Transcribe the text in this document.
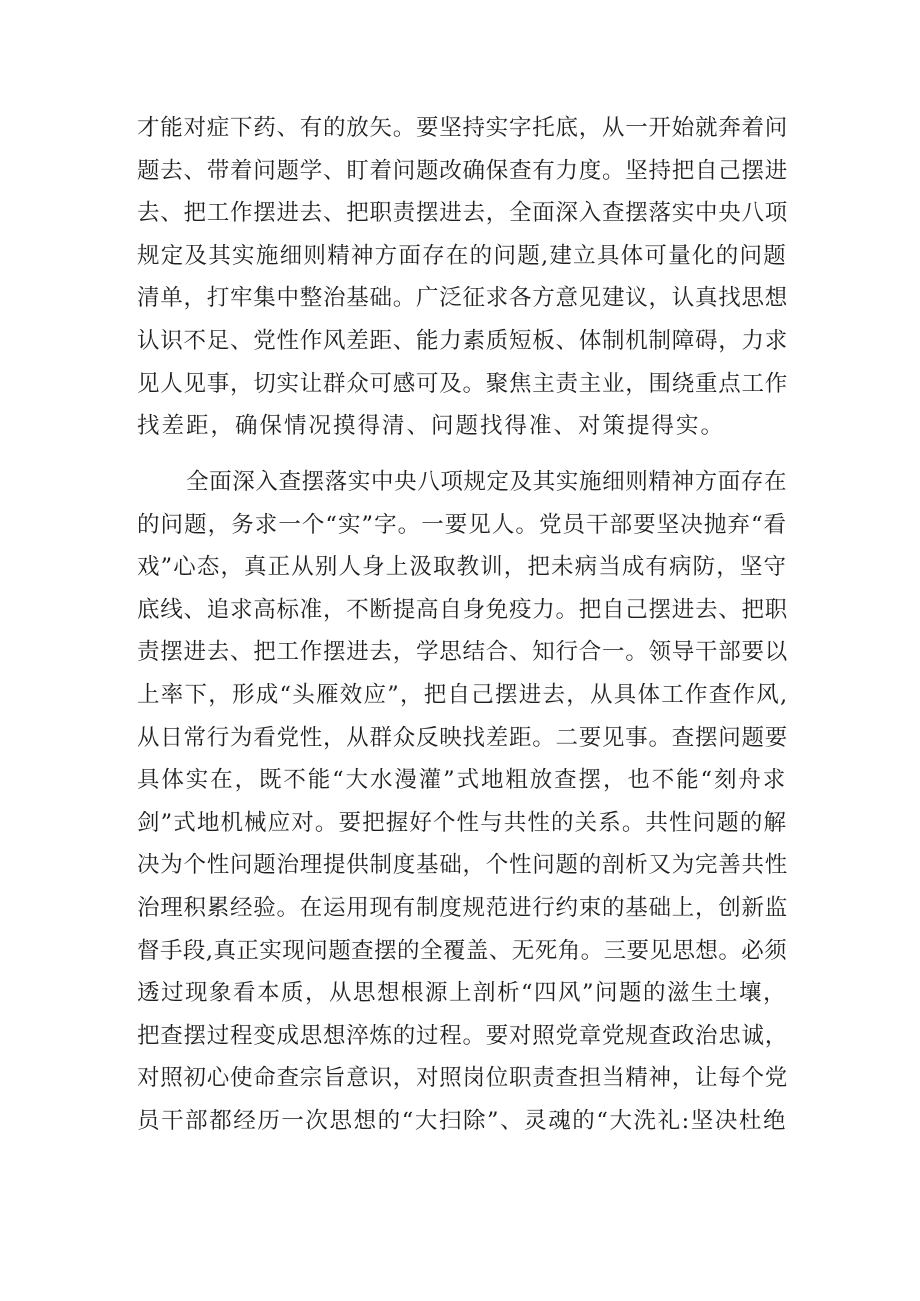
才能对症下药、有的放矢。要坚持实字托底，从一开始就奔着问
题去、带着问题学、盯着问题改确保查有力度。坚持把自己摆进
去、把工作摆进去、把职责摆进去，全面深入查摆落实中央八项
规定及其实施细则精神方面存在的问题,建立具体可量化的问题
清单，打牢集中整治基础。广泛征求各方意见建议，认真找思想
认识不足、党性作风差距、能力素质短板、体制机制障碍，力求
见人见事，切实让群众可感可及。聚焦主责主业，围绕重点工作
找差距，确保情况摸得清、问题找得准、对策提得实。
全面深入查摆落实中央八项规定及其实施细则精神方面存在
的问题，务求一个“实”字。一要见人。党员干部要坚决抛弃“看
戏”心态，真正从别人身上汲取教训，把未病当成有病防，坚守
底线、追求高标准，不断提高自身免疫力。把自己摆进去、把职
责摆进去、把工作摆进去，学思结合、知行合一。领导干部要以
上率下，形成“头雁效应”，把自己摆进去，从具体工作查作风,
从日常行为看党性，从群众反映找差距。二要见事。查摆问题要
具体实在，既不能“大水漫灌”式地粗放查摆，也不能“刻舟求
剑”式地机械应对。要把握好个性与共性的关系。共性问题的解
决为个性问题治理提供制度基础，个性问题的剖析又为完善共性
治理积累经验。在运用现有制度规范进行约束的基础上，创新监
督手段,真正实现问题查摆的全覆盖、无死角。三要见思想。必须
透过现象看本质，从思想根源上剖析“四风”问题的滋生土壤，
把查摆过程变成思想淬炼的过程。要对照党章党规查政治忠诚，
对照初心使命查宗旨意识，对照岗位职责查担当精神，让每个党
员干部都经历一次思想的“大扫除”、灵魂的“大洗礼:坚决杜绝
